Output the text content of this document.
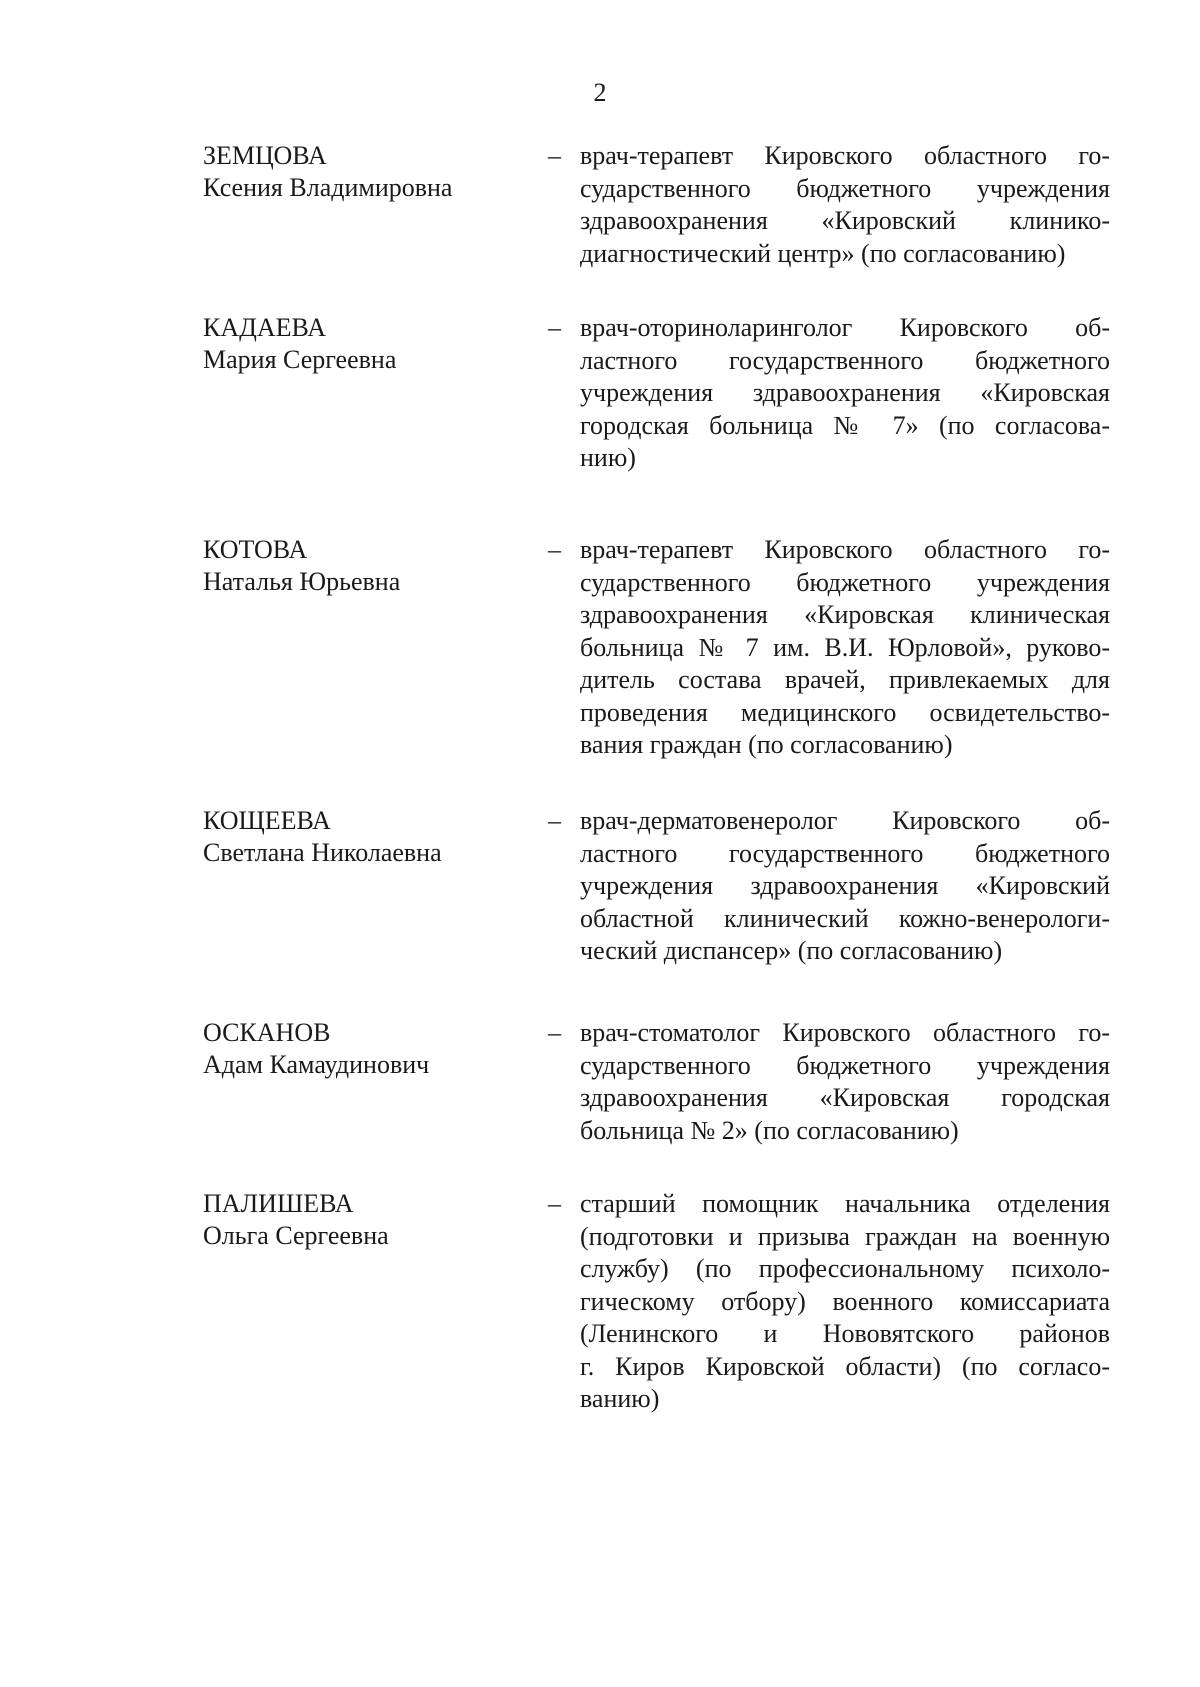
2
ЗЕМЦОВА
Ксения Владимировна
– врач-терапевт Кировского областного го-
сударственного бюджетного учреждения
здравоохранения «Кировский клинико-
диагностический центр» (по согласованию)
КАДАЕВА
Мария Сергеевна
– врач-оториноларинголог Кировского об-
ластного государственного бюджетного
учреждения здравоохранения «Кировская
городская больница № 7» (по согласова-
нию)
КОТОВА
Наталья Юрьевна
– врач-терапевт Кировского областного го-
сударственного бюджетного учреждения
здравоохранения «Кировская клиническая
больница № 7 им. В.И. Юрловой», руково-
дитель состава врачей, привлекаемых для
проведения медицинского освидетельство-
вания граждан (по согласованию)
КОЩЕЕВА
Светлана Николаевна
– врач-дерматовенеролог Кировского об-
ластного государственного бюджетного
учреждения здравоохранения «Кировский
областной клинический кожно-венерологи-
ческий диспансер» (по согласованию)
ОСКАНОВ
Адам Камаудинович
– врач-стоматолог Кировского областного го-
сударственного бюджетного учреждения
здравоохранения «Кировская городская
больница № 2» (по согласованию)
ПАЛИШЕВА
Ольга Сергеевна
– старший помощник начальника отделения
(подготовки и призыва граждан на военную
службу) (по профессиональному психоло-
гическому отбору) военного комиссариата
(Ленинского и Нововятского районов
г. Киров Кировской области) (по согласо-
ванию)
